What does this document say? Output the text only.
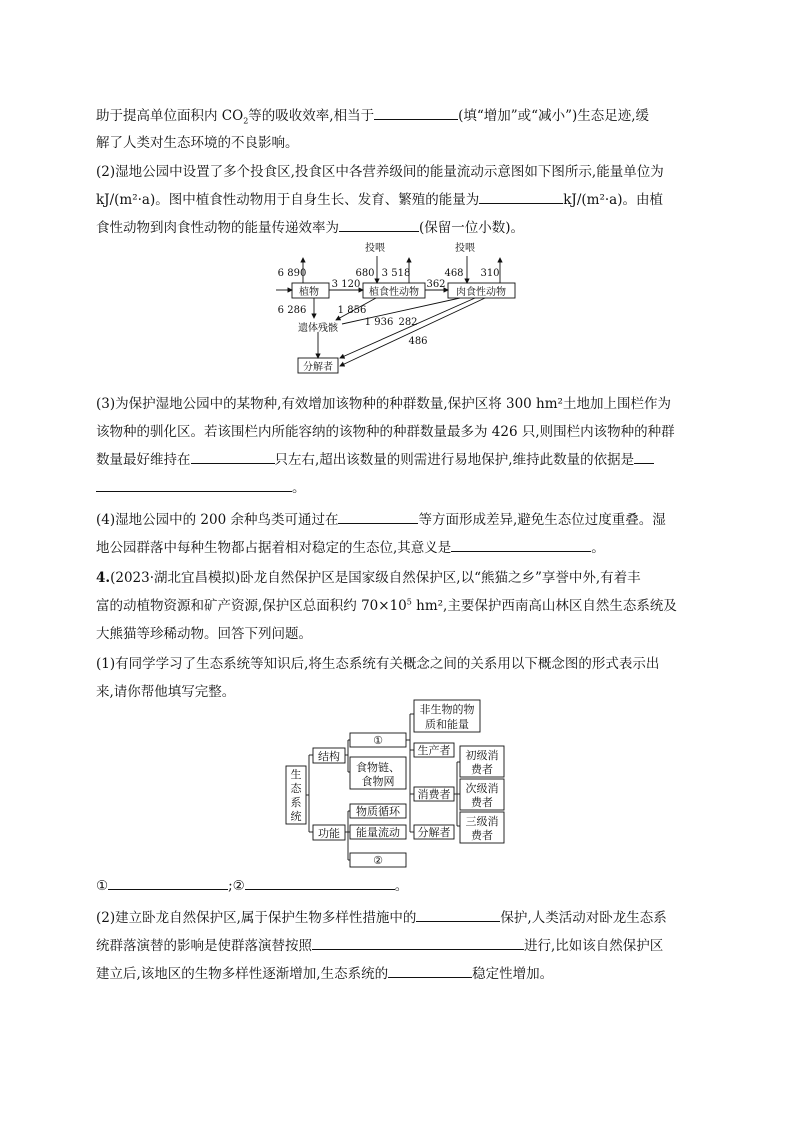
助于提高单位面积内 $CO_2$等的吸收效率,相当于	(填“增加”或“减小”)生态足迹,缓
解了人类对生态环境的不良影响。
(2)湿地公园中设置了多个投食区,投食区中各营养级间的能量流动示意图如下图所示,能量单位为
kJ/(m²·a)。图中植食性动物用于自身生长、发育、繁殖的能量为	kJ/(m²·a)。由植
食性动物到肉食性动物的能量传递效率为	(保留一位小数)。
植物	植食性动物	肉食性动物
遗体残骸
分解者
投喂	投喂
6 890	680 3 518	468 310
3 120	362
6 286	1 856
1 936 282
486
(3)为保护湿地公园中的某物种,有效增加该物种的种群数量,保护区将 300 hm²土地加上围栏作为
该物种的驯化区。若该围栏内所能容纳的该物种的种群数量最多为 426 只,则围栏内该物种的种群
数量最好维持在	只左右,超出该数量的则需进行易地保护,维持此数量的依据是
。
(4)湿地公园中的 200 余种鸟类可通过在	等方面形成差异,避免生态位过度重叠。湿
地公园群落中每种生物都占据着相对稳定的生态位,其意义是	。
4.(2023·湖北宜昌模拟)卧龙自然保护区是国家级自然保护区,以“熊猫之乡”享誉中外,有着丰
富的动植物资源和矿产资源,保护区总面积约 $70\times 10^5$ hm²,主要保护西南高山林区自然生态系统及
大熊猫等珍稀动物。回答下列问题。
(1)有同学学习了生态系统等知识后,将生态系统有关概念之间的关系用以下概念图的形式表示出
来,请你帮他填写完整。
生
态
系
统
结构
功能
①
食物链、
食物网
物质循环
能量流动
②
非生物的物
质和能量
生产者
消费者
分解者
初级消
费者
次级消
费者
三级消
费者
①	;②	。
(2)建立卧龙自然保护区,属于保护生物多样性措施中的	保护,人类活动对卧龙生态系
统群落演替的影响是使群落演替按照	进行,比如该自然保护区
建立后,该地区的生物多样性逐渐增加,生态系统的	稳定性增加。
